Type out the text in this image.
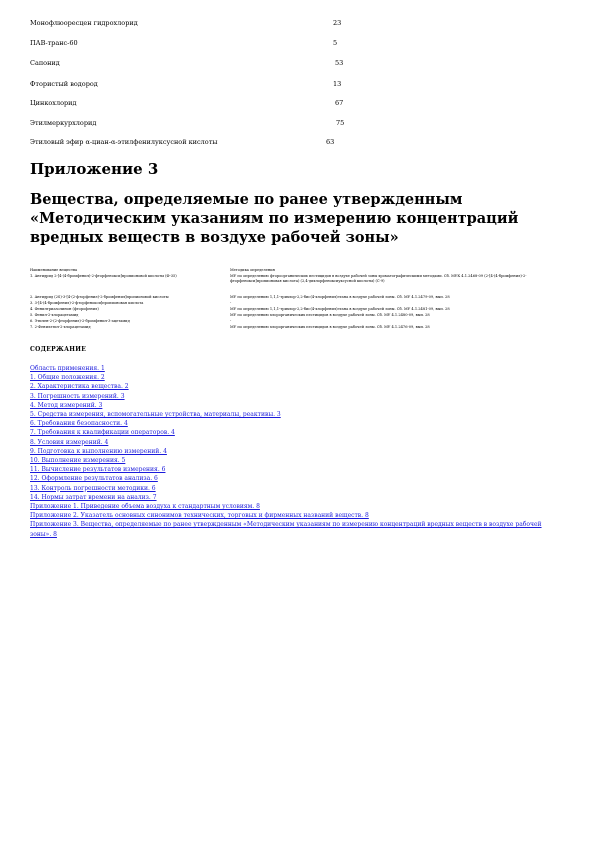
Монофлюоресцен гидрохлорид	23
ПАВ-транс-60	5
Сапонид	53
Фтористый водород	13
Цинкохлорид	67
Этилмеркурхлорид	75
Этиловый эфир α-циан-α-этилфенилуксусной кислоты	63
Приложение 3
Вещества, определяемые по ранее утвержденным «Методическим указаниям по измерению концентраций вредных веществ в воздухе рабочей зоны»
Наименование вещества	Методика определения
1. Ангидрид 2-[4-(4-бромфенил)-2-фторфенокси]пропионовой кислоты (Ф-35)	МУ по определению фтороорганических пестицидов в воздухе рабочей зоны хроматографическими методами. Сб. МУК 4.1.2468-09 (2-[4-(4-бромфенил)-2-фторфенокси]пропионовая кислота) (2,4-дихлорфеноксиуксусной кислоты) (С-9)
2. Ангидрид (2S)-3-[4-(2-фторфенил)-2-бромфенил]пропионовой кислоты	МУ по определению 1,1,1-трихлор-2,2-бис(4-хлорфенил)этана в воздухе рабочей зоны. Сб. МУ 4.1.2479-09, вып. 28
3. 3-[4-(4-бромфенил)-2-фторфенокси]пропионовая кислота	-
4. Фенилтриазолинон (фторофенил)	МУ по определению 1,1,1-трихлор-2,2-бис(4-хлорфенил)этана в воздухе рабочей зоны. Сб. МУ 4.1.2481-09, вып. 28
5. Фенил-2-хлорацетамид	МУ по определению хлорорганических пестицидов в воздухе рабочей зоны. Сб. МУ 4.1.2480-09, вып. 28
6. Этилен-2-(2-фторфенил)-2-бромфенил-3-ацетамид	-
7. 2-Фенилэтил-2-хлорацетамид	МУ по определению хлорорганических пестицидов в воздухе рабочей зоны. Сб. МУ 4.1.2476-09, вып. 28
СОДЕРЖАНИЕ
Область применения. 1
1. Общие положения. 2
2. Характеристика вещества. 2
3. Погрешность измерений. 3
4. Метод измерений. 3
5. Средства измерения, вспомогательные устройства, материалы, реактивы. 3
6. Требования безопасности. 4
7. Требования к квалификации операторов. 4
8. Условия измерений. 4
9. Подготовка к выполнению измерений. 4
10. Выполнение измерения. 5
11. Вычисление результатов измерения. 6
12. Оформление результатов анализа. 6
13. Контроль погрешности методики. 6
14. Нормы затрат времени на анализ. 7
Приложение 1. Приведение объема воздуха к стандартным условиям. 8
Приложение 2. Указатель основных синонимов технических, торговых и фирменных названий веществ. 8
Приложение 3. Вещества, определяемые по ранее утвержденным «Методическим указаниям по измерению концентраций вредных веществ в воздухе рабочей зоны». 8
